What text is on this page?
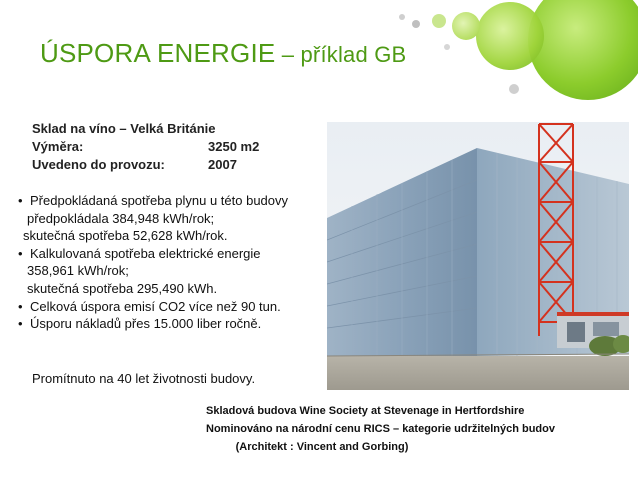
ÚSPORA ENERGIE – příklad GB
Sklad na víno – Velká Británie
Výměra:	3250 m2
Uvedeno do provozu:	2007
• Předpokládaná spotřeba plynu u této budovy
předpokládala 384,948 kWh/rok;
skutečná spotřeba 52,628 kWh/rok.
• Kalkulovaná spotřeba elektrické energie
358,961 kWh/rok;
skutečná spotřeba 295,490 kWh.
• Celková úspora emisí CO2 více než 90 tun.
• Úsporu nákladů přes 15.000 liber ročně.
Promítnuto na 40 let životnosti budovy.
Skladová budova Wine Society at Stevenage in Hertfordshire
Nominováno na národní cenu RICS – kategorie udržitelných budov
(Architekt : Vincent and Gorbing)
